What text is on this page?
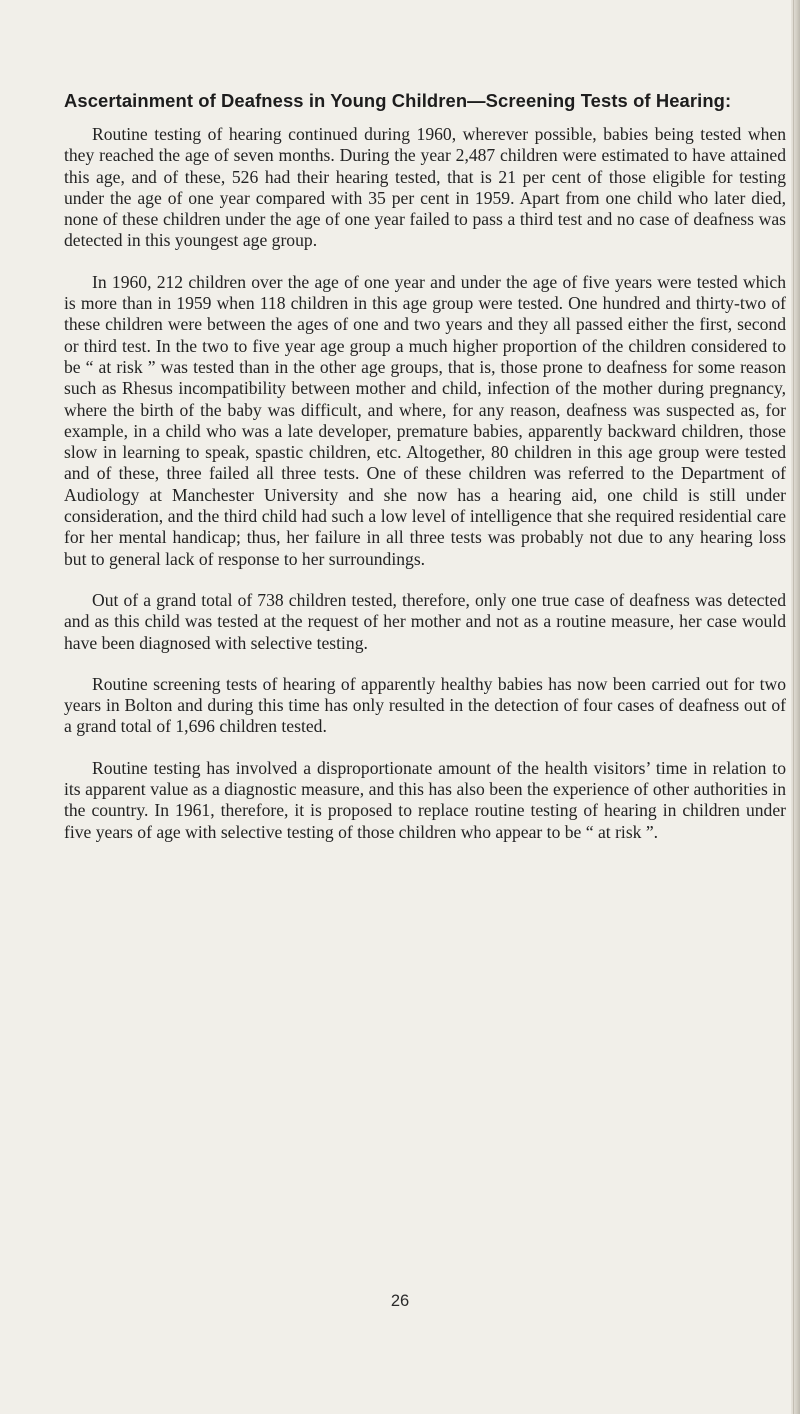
Ascertainment of Deafness in Young Children—Screening Tests of Hearing:

Routine testing of hearing continued during 1960, wherever possible, babies being tested when they reached the age of seven months. During the year 2,487 children were estimated to have attained this age, and of these, 526 had their hearing tested, that is 21 per cent of those eligible for testing under the age of one year compared with 35 per cent in 1959. Apart from one child who later died, none of these children under the age of one year failed to pass a third test and no case of deafness was detected in this youngest age group.

In 1960, 212 children over the age of one year and under the age of five years were tested which is more than in 1959 when 118 children in this age group were tested. One hundred and thirty-two of these children were between the ages of one and two years and they all passed either the first, second or third test. In the two to five year age group a much higher proportion of the children considered to be “ at risk ” was tested than in the other age groups, that is, those prone to deafness for some reason such as Rhesus incompatibility between mother and child, infection of the mother during pregnancy, where the birth of the baby was difficult, and where, for any reason, deafness was suspected as, for example, in a child who was a late developer, premature babies, apparently backward children, those slow in learning to speak, spastic children, etc. Altogether, 80 children in this age group were tested and of these, three failed all three tests. One of these children was referred to the Department of Audiology at Manchester University and she now has a hearing aid, one child is still under consideration, and the third child had such a low level of intelligence that she required residential care for her mental handicap; thus, her failure in all three tests was probably not due to any hearing loss but to general lack of response to her surroundings.

Out of a grand total of 738 children tested, therefore, only one true case of deafness was detected and as this child was tested at the request of her mother and not as a routine measure, her case would have been diagnosed with selective testing.

Routine screening tests of hearing of apparently healthy babies has now been carried out for two years in Bolton and during this time has only resulted in the detection of four cases of deafness out of a grand total of 1,696 children tested.

Routine testing has involved a disproportionate amount of the health visitors’ time in relation to its apparent value as a diagnostic measure, and this has also been the experience of other authorities in the country. In 1961, therefore, it is proposed to replace routine testing of hearing in children under five years of age with selective testing of those children who appear to be “ at risk ”.

26
